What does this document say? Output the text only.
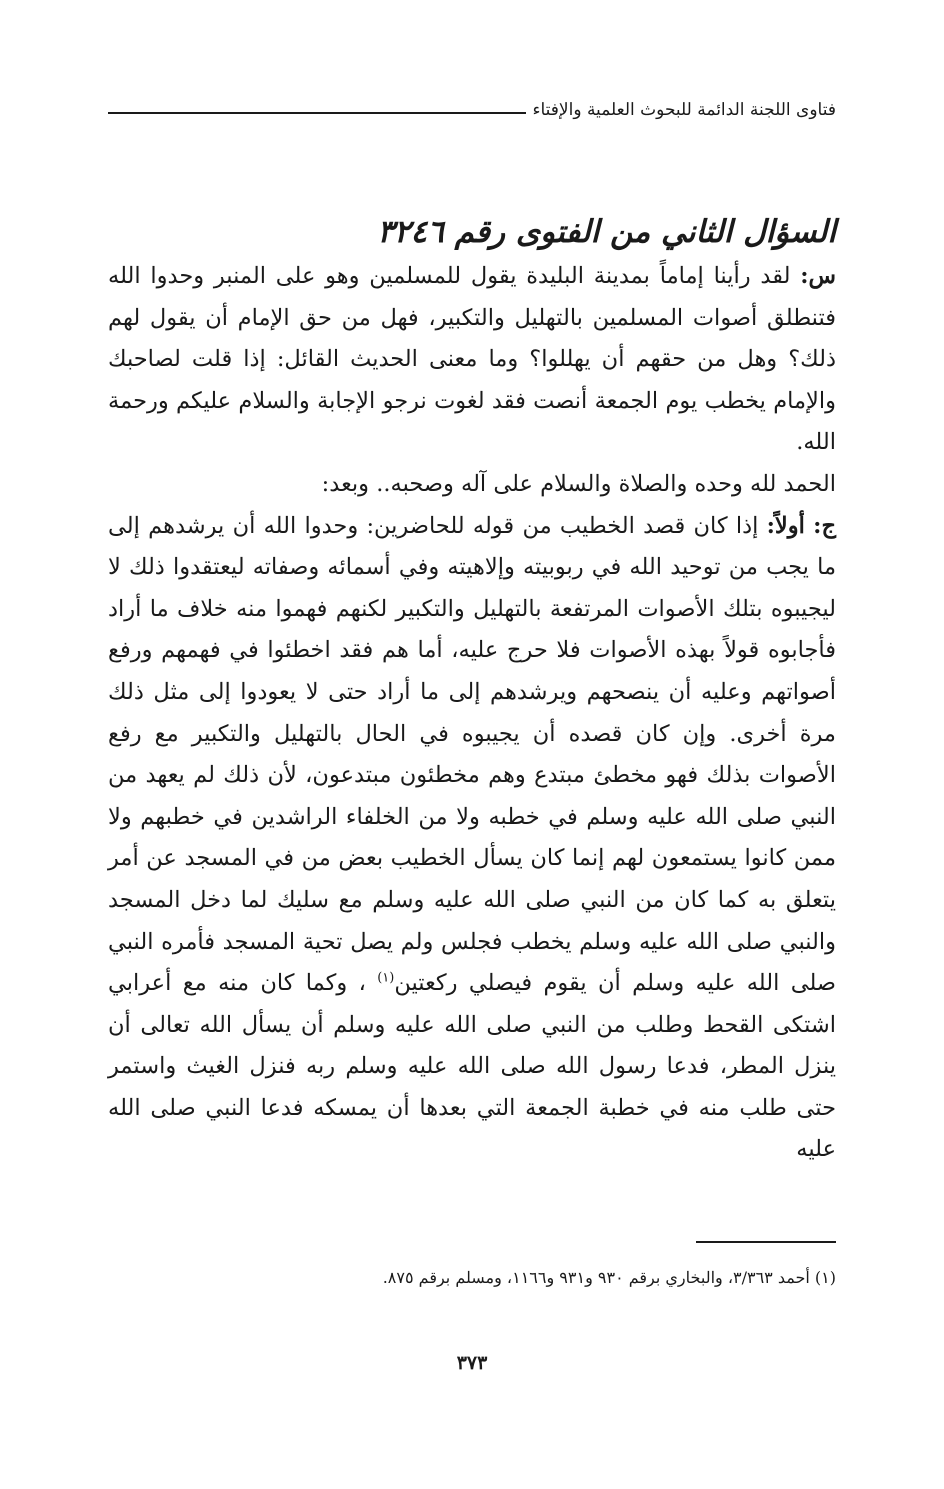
فتاوى اللجنة الدائمة للبحوث العلمية والإفتاء
السؤال الثاني من الفتوى رقم ٣٢٤٦

س: لقد رأينا إماماً بمدينة البليدة يقول للمسلمين وهو على المنبر وحدوا الله فتنطلق أصوات المسلمين بالتهليل والتكبير، فهل من حق الإمام أن يقول لهم ذلك؟ وهل من حقهم أن يهللوا؟ وما معنى الحديث القائل: إذا قلت لصاحبك والإمام يخطب يوم الجمعة أنصت فقد لغوت نرجو الإجابة والسلام عليكم ورحمة الله.

الحمد لله وحده والصلاة والسلام على آله وصحبه.. وبعد:

ج: أولاً: إذا كان قصد الخطيب من قوله للحاضرين: وحدوا الله أن يرشدهم إلى ما يجب من توحيد الله في ربوبيته وإلاهيته وفي أسمائه وصفاته ليعتقدوا ذلك لا ليجيبوه بتلك الأصوات المرتفعة بالتهليل والتكبير لكنهم فهموا منه خلاف ما أراد فأجابوه قولاً بهذه الأصوات فلا حرج عليه، أما هم فقد اخطئوا في فهمهم ورفع أصواتهم وعليه أن ينصحهم ويرشدهم إلى ما أراد حتى لا يعودوا إلى مثل ذلك مرة أخرى. وإن كان قصده أن يجيبوه في الحال بالتهليل والتكبير مع رفع الأصوات بذلك فهو مخطئ مبتدع وهم مخطئون مبتدعون، لأن ذلك لم يعهد من النبي صلى الله عليه وسلم في خطبه ولا من الخلفاء الراشدين في خطبهم ولا ممن كانوا يستمعون لهم إنما كان يسأل الخطيب بعض من في المسجد عن أمر يتعلق به كما كان من النبي صلى الله عليه وسلم مع سليك لما دخل المسجد والنبي صلى الله عليه وسلم يخطب فجلس ولم يصل تحية المسجد فأمره النبي صلى الله عليه وسلم أن يقوم فيصلي ركعتين$^{(١)}$ ، وكما كان منه مع أعرابي اشتكى القحط وطلب من النبي صلى الله عليه وسلم أن يسأل الله تعالى أن ينزل المطر، فدعا رسول الله صلى الله عليه وسلم ربه فنزل الغيث واستمر حتى طلب منه في خطبة الجمعة التي بعدها أن يمسكه فدعا النبي صلى الله عليه

(١) أحمد ٣/٣٦٣، والبخاري برقم ٩٣٠ و٩٣١ و١١٦٦، ومسلم برقم ٨٧٥.
٣٧٣
